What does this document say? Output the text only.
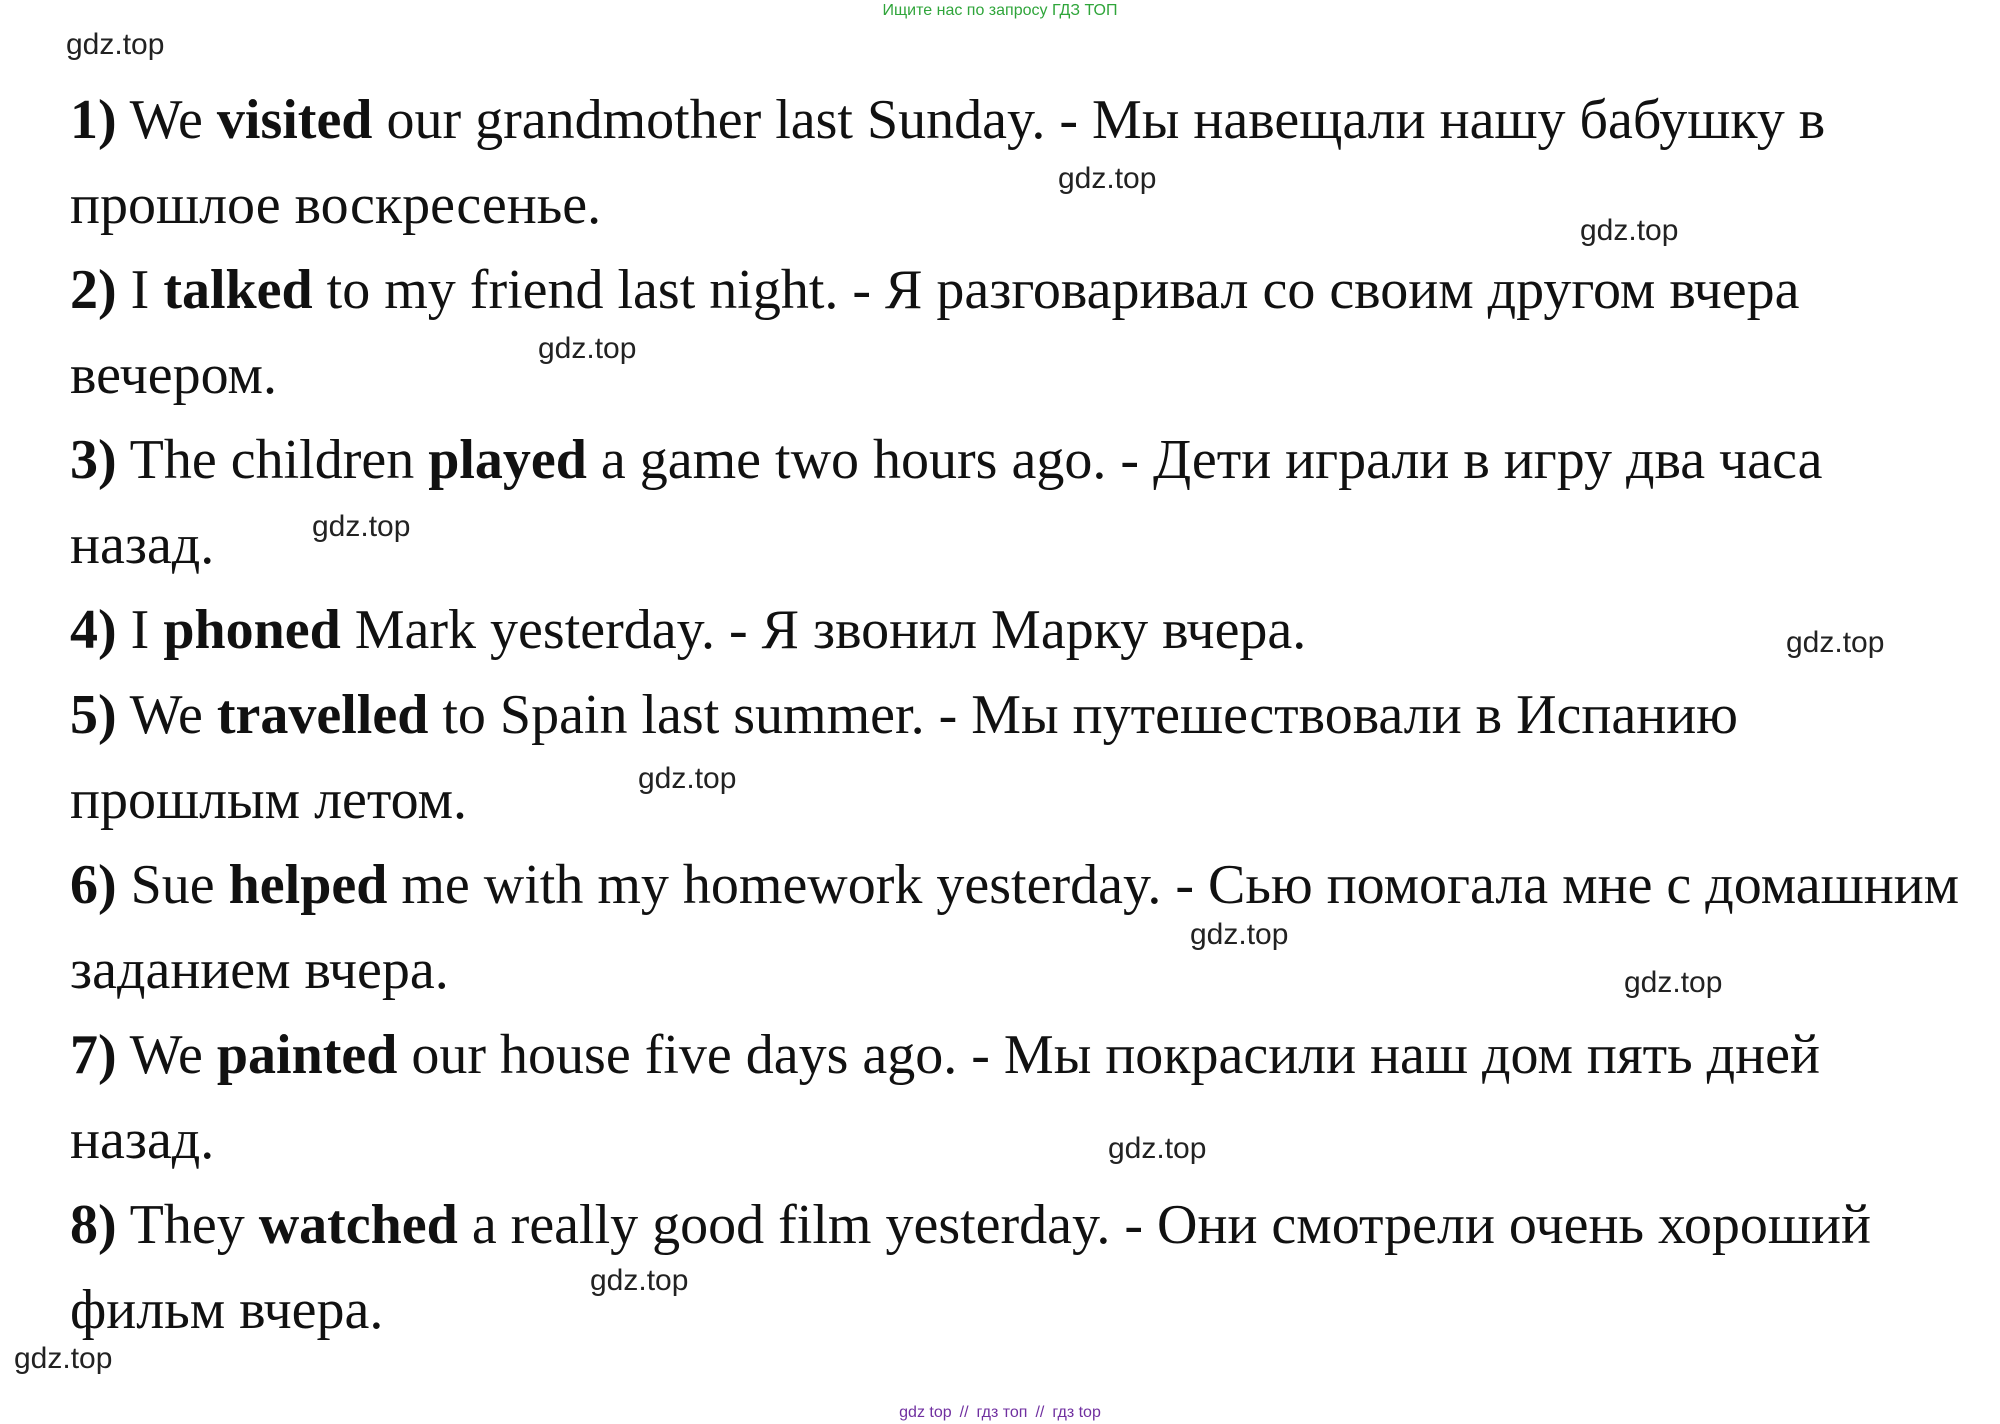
Ищите нас по запросу ГДЗ ТОП
gdz.top
gdz.top
gdz.top
gdz.top
gdz.top
gdz.top
gdz.top
gdz.top
gdz.top
gdz.top
gdz.top
gdz.top

1) We visited our grandmother last Sunday. - Мы навещали нашу бабушку в прошлое воскресенье.

2) I talked to my friend last night. - Я разговаривал со своим другом вчера вечером.

3) The children played a game two hours ago. - Дети играли в игру два часа назад.

4) I phoned Mark yesterday. - Я звонил Марку вчера.

5) We travelled to Spain last summer. - Мы путешествовали в Испанию прошлым летом.

6) Sue helped me with my homework yesterday. - Сью помогала мне с домашним заданием вчера.

7) We painted our house five days ago. - Мы покрасили наш дом пять дней назад.

8) They watched a really good film yesterday. - Они смотрели очень хороший фильм вчера.

gdz top // гдз топ // гдз top
